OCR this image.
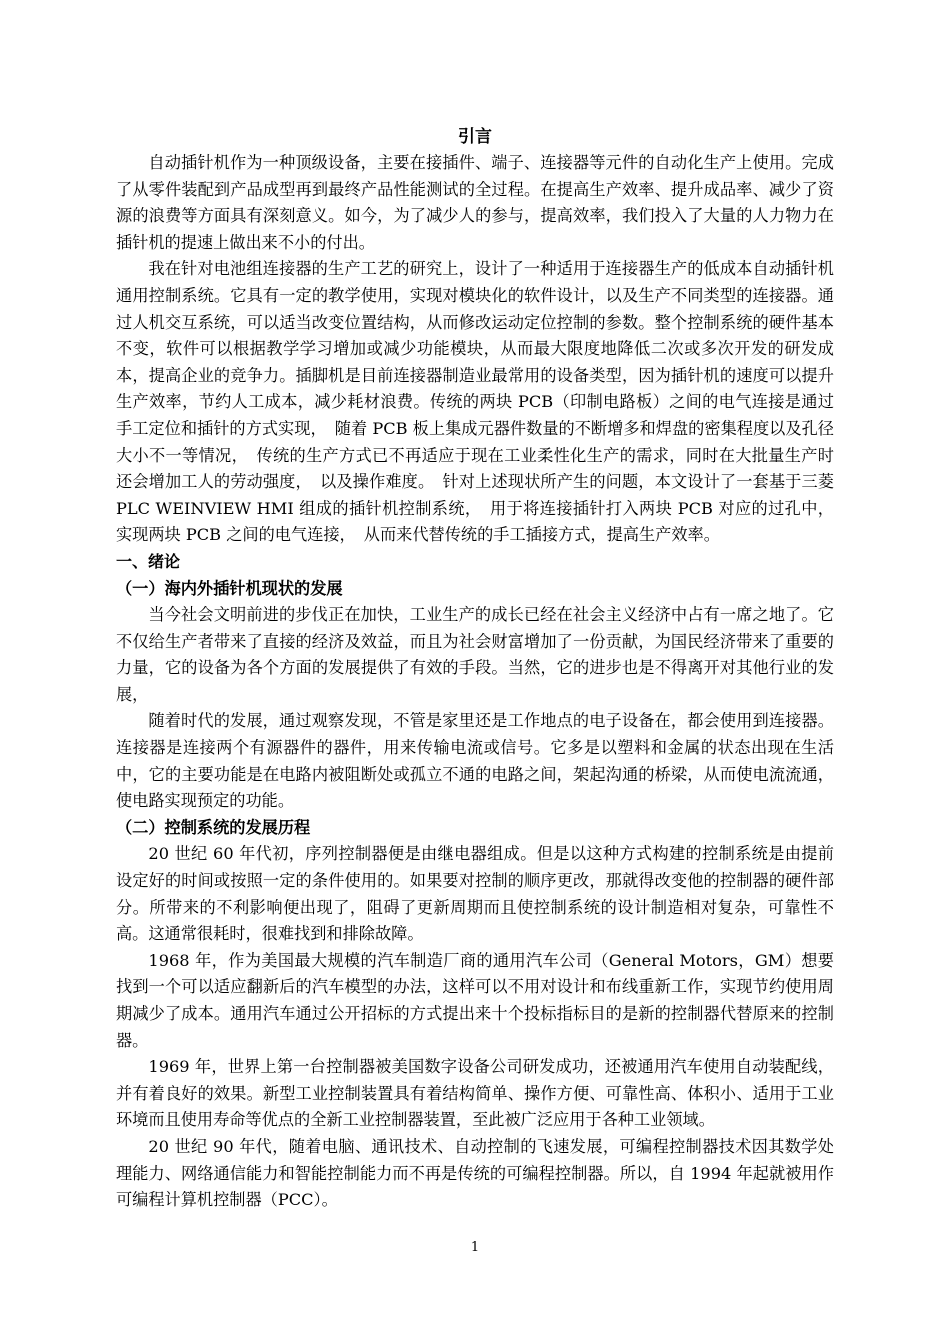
引言

自动插针机作为一种顶级设备，主要在接插件、端子、连接器等元件的自动化生产上使用。完成了从零件装配到产品成型再到最终产品性能测试的全过程。在提高生产效率、提升成品率、减少了资源的浪费等方面具有深刻意义。如今，为了减少人的参与，提高效率，我们投入了大量的人力物力在插针机的提速上做出来不小的付出。

我在针对电池组连接器的生产工艺的研究上，设计了一种适用于连接器生产的低成本自动插针机通用控制系统。它具有一定的教学使用，实现对模块化的软件设计，以及生产不同类型的连接器。通过人机交互系统，可以适当改变位置结构，从而修改运动定位控制的参数。整个控制系统的硬件基本不变，软件可以根据教学学习增加或减少功能模块，从而最大限度地降低二次或多次开发的研发成本，提高企业的竞争力。插脚机是目前连接器制造业最常用的设备类型，因为插针机的速度可以提升生产效率，节约人工成本，减少耗材浪费。传统的两块 PCB（印制电路板）之间的电气连接是通过手工定位和插针的方式实现，　随着 PCB 板上集成元器件数量的不断增多和焊盘的密集程度以及孔径大小不一等情况，　传统的生产方式已不再适应于现在工业柔性化生产的需求，同时在大批量生产时还会增加工人的劳动强度，　以及操作难度。　针对上述现状所产生的问题，本文设计了一套基于三菱 PLC WEINVIEW HMI 组成的插针机控制系统，　用于将连接插针打入两块 PCB 对应的过孔中，实现两块 PCB 之间的电气连接，　从而来代替传统的手工插接方式，提高生产效率。

一、绪论
（一）海内外插针机现状的发展

当今社会文明前进的步伐正在加快，工业生产的成长已经在社会主义经济中占有一席之地了。它不仅给生产者带来了直接的经济及效益，而且为社会财富增加了一份贡献，为国民经济带来了重要的力量，它的设备为各个方面的发展提供了有效的手段。当然，它的进步也是不得离开对其他行业的发展，

随着时代的发展，通过观察发现，不管是家里还是工作地点的电子设备在，都会使用到连接器。连接器是连接两个有源器件的器件，用来传输电流或信号。它多是以塑料和金属的状态出现在生活中，它的主要功能是在电路内被阻断处或孤立不通的电路之间，架起沟通的桥梁，从而使电流流通，使电路实现预定的功能。

（二）控制系统的发展历程

20 世纪 60 年代初，序列控制器便是由继电器组成。但是以这种方式构建的控制系统是由提前设定好的时间或按照一定的条件使用的。如果要对控制的顺序更改，那就得改变他的控制器的硬件部分。所带来的不利影响便出现了，阻碍了更新周期而且使控制系统的设计制造相对复杂，可靠性不高。这通常很耗时，很难找到和排除故障。

1968 年，作为美国最大规模的汽车制造厂商的通用汽车公司（General Motors，GM）想要找到一个可以适应翻新后的汽车模型的办法，这样可以不用对设计和布线重新工作，实现节约使用周期减少了成本。通用汽车通过公开招标的方式提出来十个投标指标目的是新的控制器代替原来的控制器。

1969 年，世界上第一台控制器被美国数字设备公司研发成功，还被通用汽车使用自动装配线，并有着良好的效果。新型工业控制装置具有着结构简单、操作方便、可靠性高、体积小、适用于工业环境而且使用寿命等优点的全新工业控制器装置，至此被广泛应用于各种工业领域。

20 世纪 90 年代，随着电脑、通讯技术、自动控制的飞速发展，可编程控制器技术因其数学处理能力、网络通信能力和智能控制能力而不再是传统的可编程控制器。所以，自 1994 年起就被用作可编程计算机控制器（PCC）。

1
